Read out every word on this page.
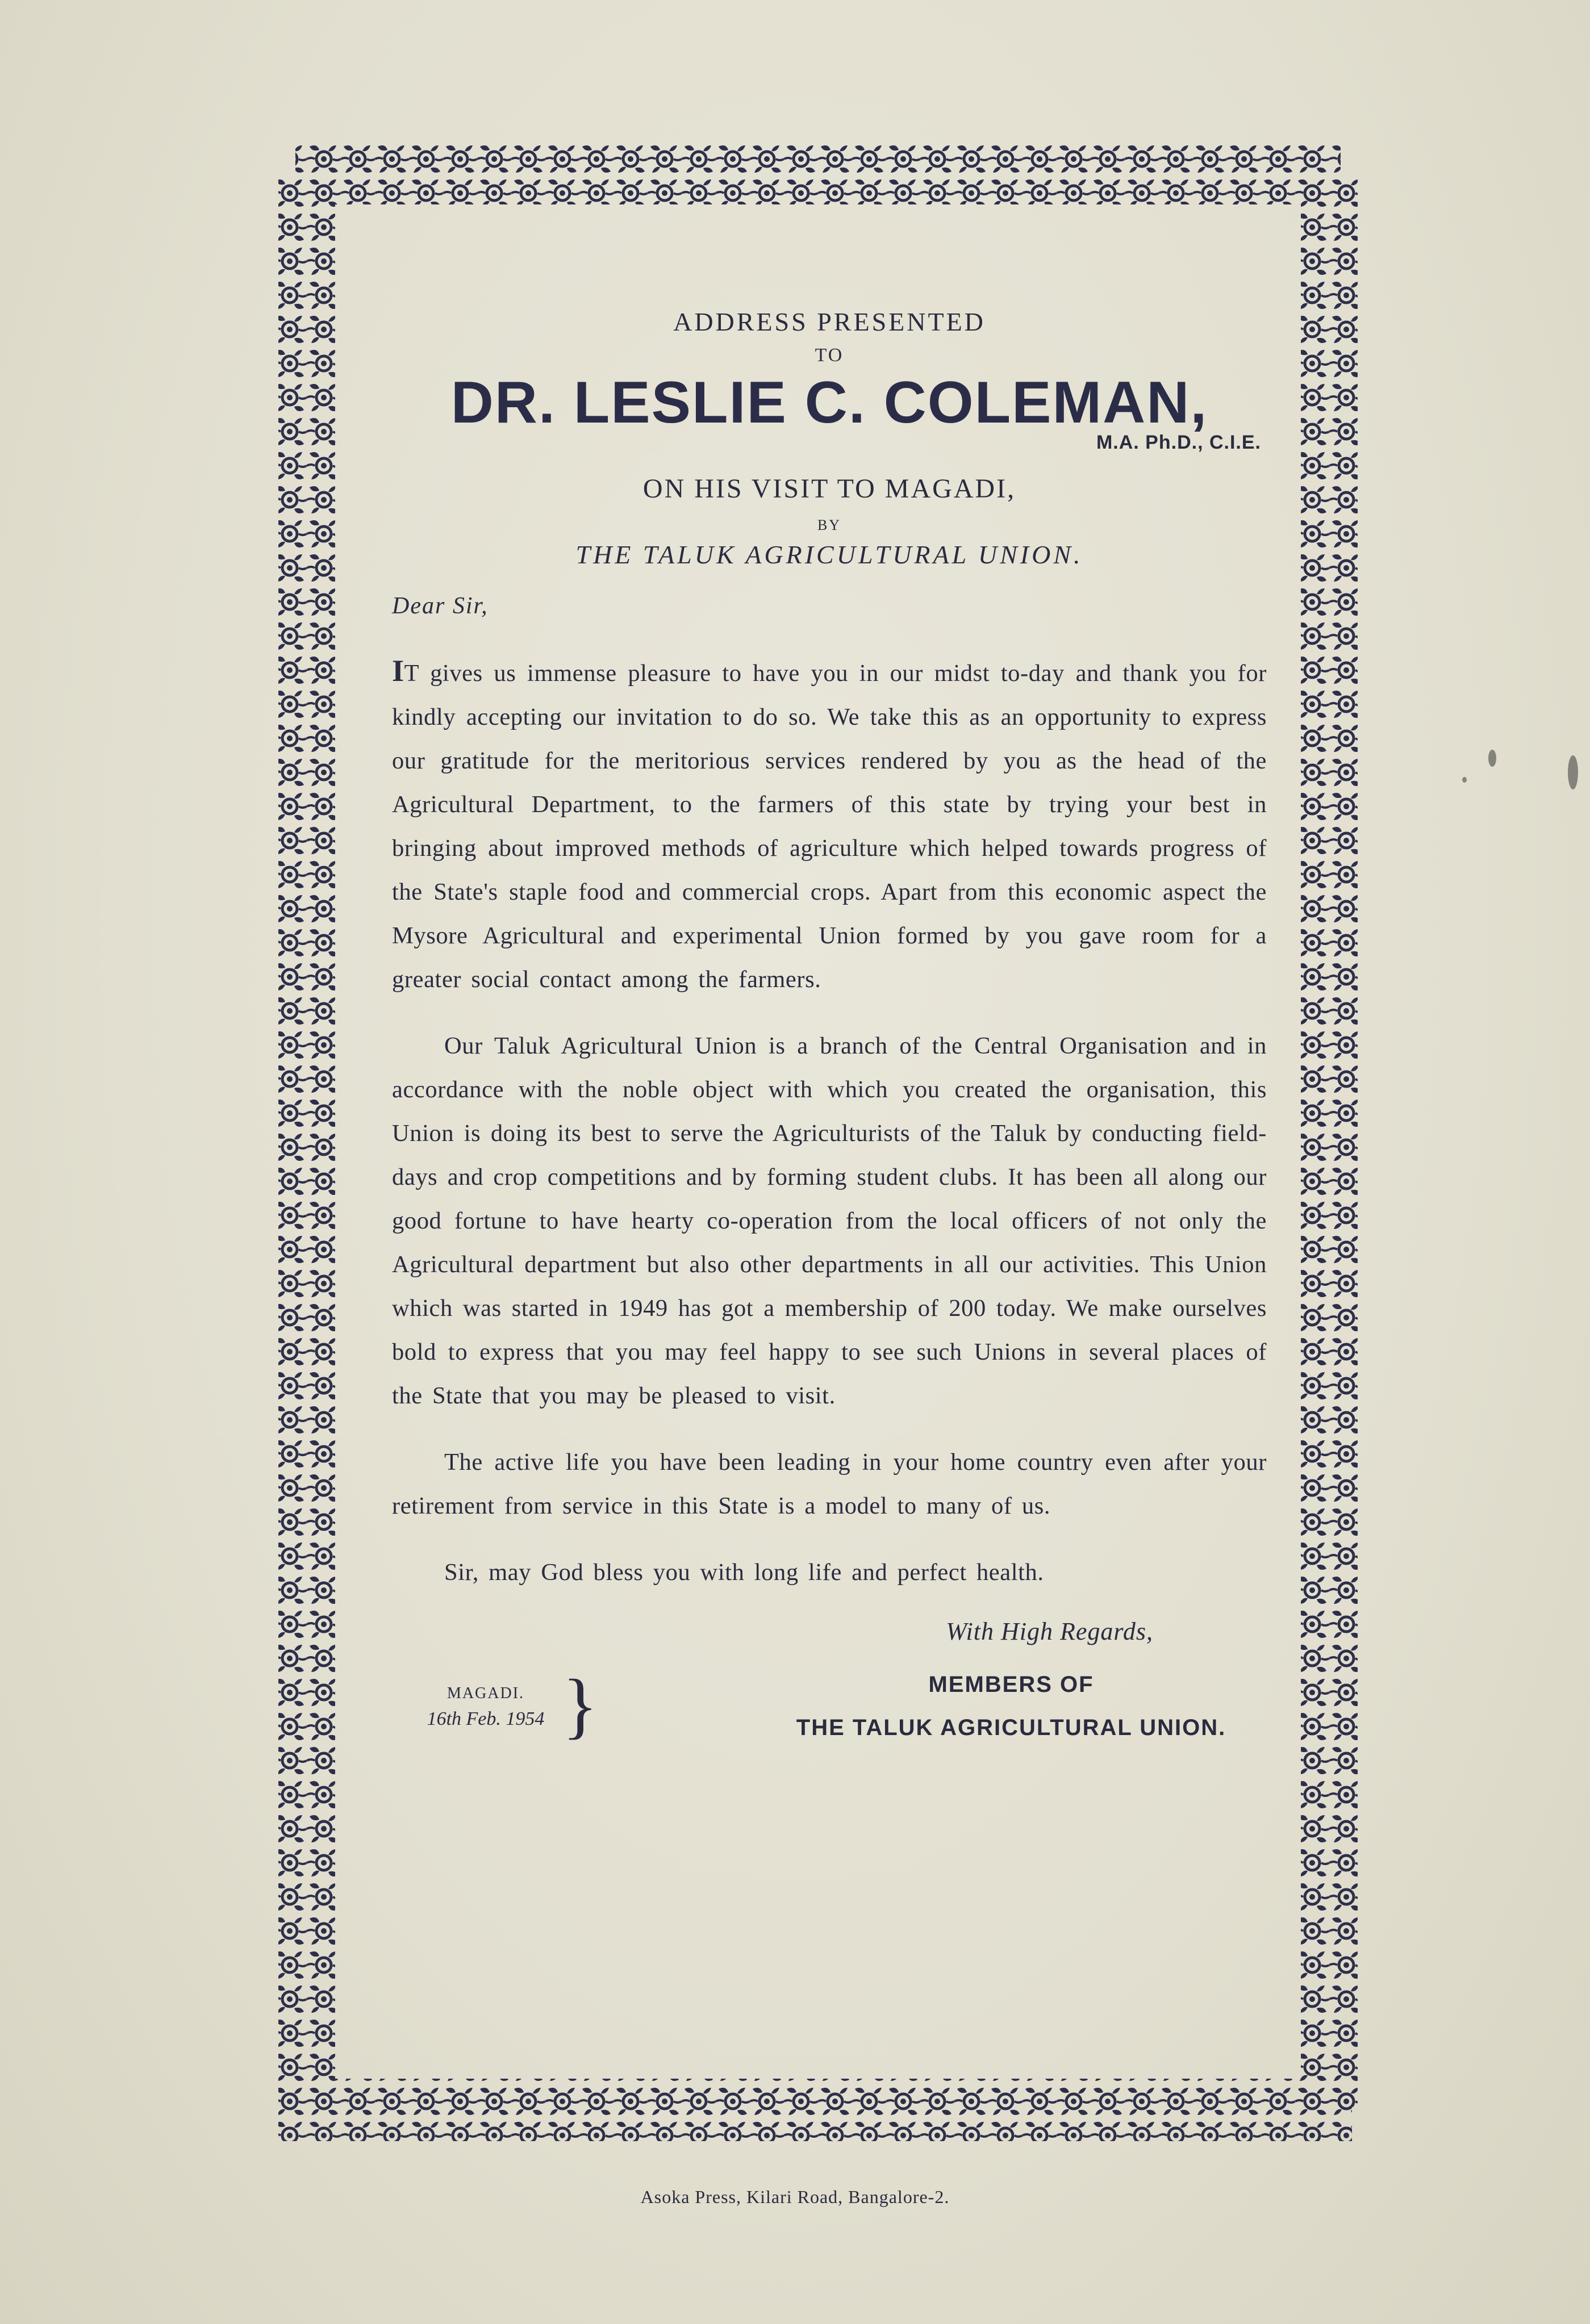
ADDRESS PRESENTED
TO
DR. LESLIE C. COLEMAN,
M.A. Ph.D., C.I.E.
ON HIS VISIT TO MAGADI,
BY
THE TALUK AGRICULTURAL UNION.
Dear Sir,
IT gives us immense pleasure to have you in our midst to-day and thank you for kindly accepting our invitation to do so. We take this as an opportunity to express our gratitude for the meritorious services rendered by you as the head of the Agricultural Department, to the farmers of this state by trying your best in bringing about improved methods of agriculture which helped towards progress of the State's staple food and commercial crops. Apart from this economic aspect the Mysore Agricultural and experimental Union formed by you gave room for a greater social contact among the farmers.
Our Taluk Agricultural Union is a branch of the Central Organisation and in accordance with the noble object with which you created the organisation, this Union is doing its best to serve the Agriculturists of the Taluk by conducting field-days and crop competitions and by forming student clubs. It has been all along our good fortune to have hearty co-operation from the local officers of not only the Agricultural department but also other departments in all our activities. This Union which was started in 1949 has got a membership of 200 today. We make ourselves bold to express that you may feel happy to see such Unions in several places of the State that you may be pleased to visit.
The active life you have been leading in your home country even after your retirement from service in this State is a model to many of us.
Sir, may God bless you with long life and perfect health.
With High Regards,
MAGADI.
16th Feb. 1954 }	MEMBERS OF
THE TALUK AGRICULTURAL UNION.
Asoka Press, Kilari Road, Bangalore-2.
